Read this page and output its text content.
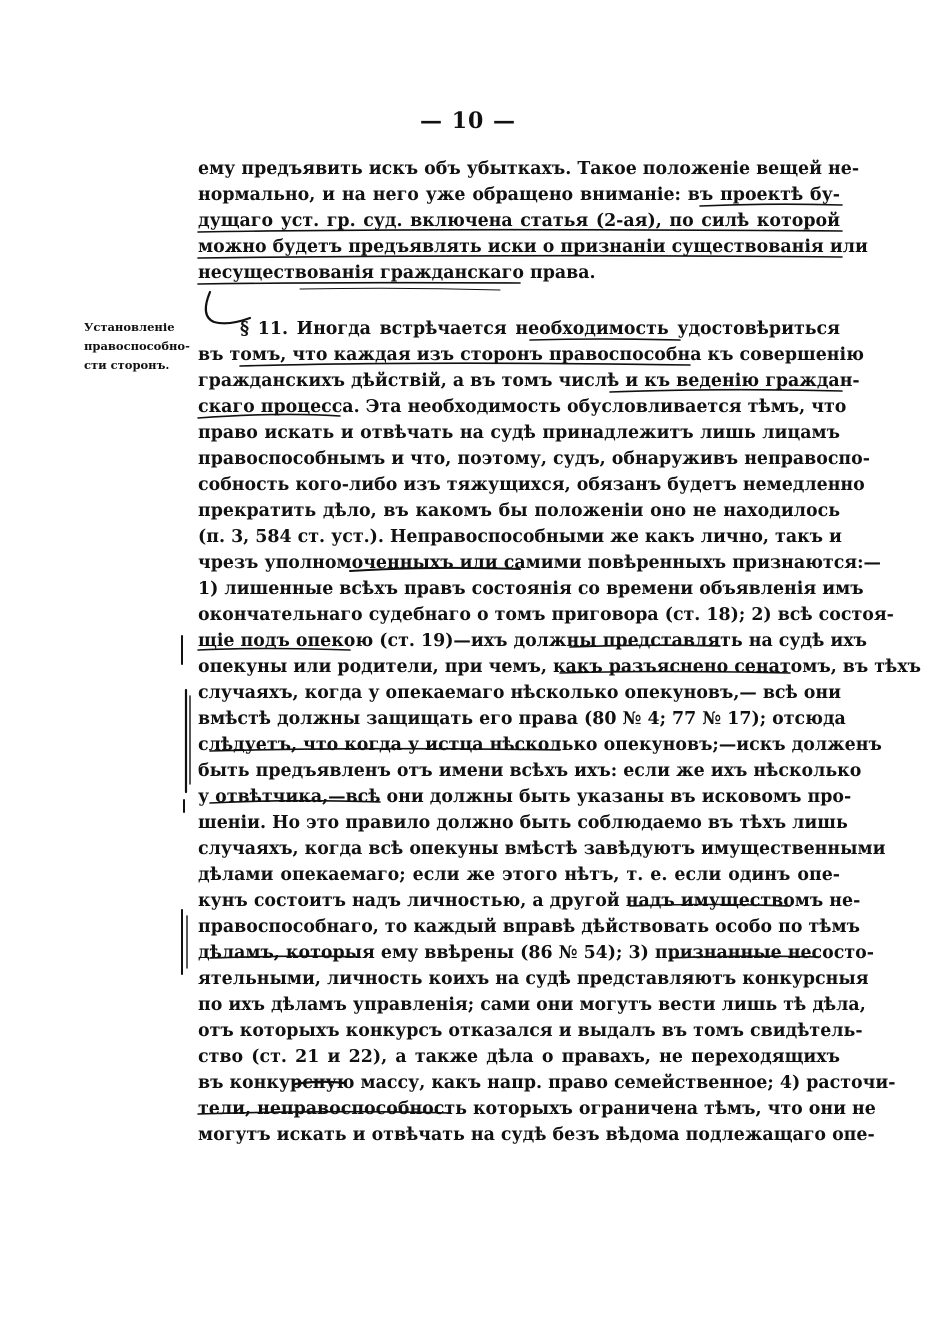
— 10 —
Установленіе
правоспособно-
сти сторонъ.
ему предъявить искъ объ убыткахъ. Такое положеніе вещей не-
нормально, и на него уже обращено вниманіе: въ проектѣ бу-
дущаго уст. гр. суд. включена статья (2-ая), по силѣ которой
можно будетъ предъявлять иски о признаніи существованія или
несуществованія гражданскаго права.
§ 11. Иногда встрѣчается необходимость удостовѣриться
въ томъ, что каждая изъ сторонъ правоспособна къ совершенію
гражданскихъ дѣйствій, а въ томъ числѣ и къ веденію граждан-
скаго процесса. Эта необходимость обусловливается тѣмъ, что
право искать и отвѣчать на судѣ принадлежитъ лишь лицамъ
правоспособнымъ и что, поэтому, судъ, обнаруживъ неправоспо-
собность кого-либо изъ тяжущихся, обязанъ будетъ немедленно
прекратить дѣло, въ какомъ бы положеніи оно не находилось
(п. 3, 584 ст. уст.). Неправоспособными же какъ лично, такъ и
чрезъ уполномоченныхъ или самими повѣренныхъ признаются:—
1) лишенные всѣхъ правъ состоянія со времени объявленія имъ
окончательнаго судебнаго о томъ приговора (ст. 18); 2) всѣ состоя-
щіе подъ опекою (ст. 19)—ихъ должны представлять на судѣ ихъ
опекуны или родители, при чемъ, какъ разъяснено сенатомъ, въ тѣхъ
случаяхъ, когда у опекаемаго нѣсколько опекуновъ,— всѣ они
вмѣстѣ должны защищать его права (80 № 4; 77 № 17); отсюда
слѣдуетъ, что когда у истца нѣсколько опекуновъ;—искъ долженъ
быть предъявленъ отъ имени всѣхъ ихъ: если же ихъ нѣсколько
у отвѣтчика,—всѣ они должны быть указаны въ исковомъ про-
шеніи. Но это правило должно быть соблюдаемо въ тѣхъ лишь
случаяхъ, когда всѣ опекуны вмѣстѣ завѣдуютъ имущественными
дѣлами опекаемаго; если же этого нѣтъ, т. е. если одинъ опе-
кунъ состоитъ надъ личностью, а другой надъ имуществомъ не-
правоспособнаго, то каждый вправѣ дѣйствовать особо по тѣмъ
дѣламъ, которыя ему ввѣрены (86 № 54); 3) признанные несосто-
ятельными, личность коихъ на судѣ представляютъ конкурсныя
по ихъ дѣламъ управленія; сами они могутъ вести лишь тѣ дѣла,
отъ которыхъ конкурсъ отказался и выдалъ въ томъ свидѣтель-
ство (ст. 21 и 22), а также дѣла о правахъ, не переходящихъ
въ конкурсную массу, какъ напр. право семейственное; 4) расточи-
тели, неправоспособность которыхъ ограничена тѣмъ, что они не
могутъ искать и отвѣчать на судѣ безъ вѣдома подлежащаго опе-
